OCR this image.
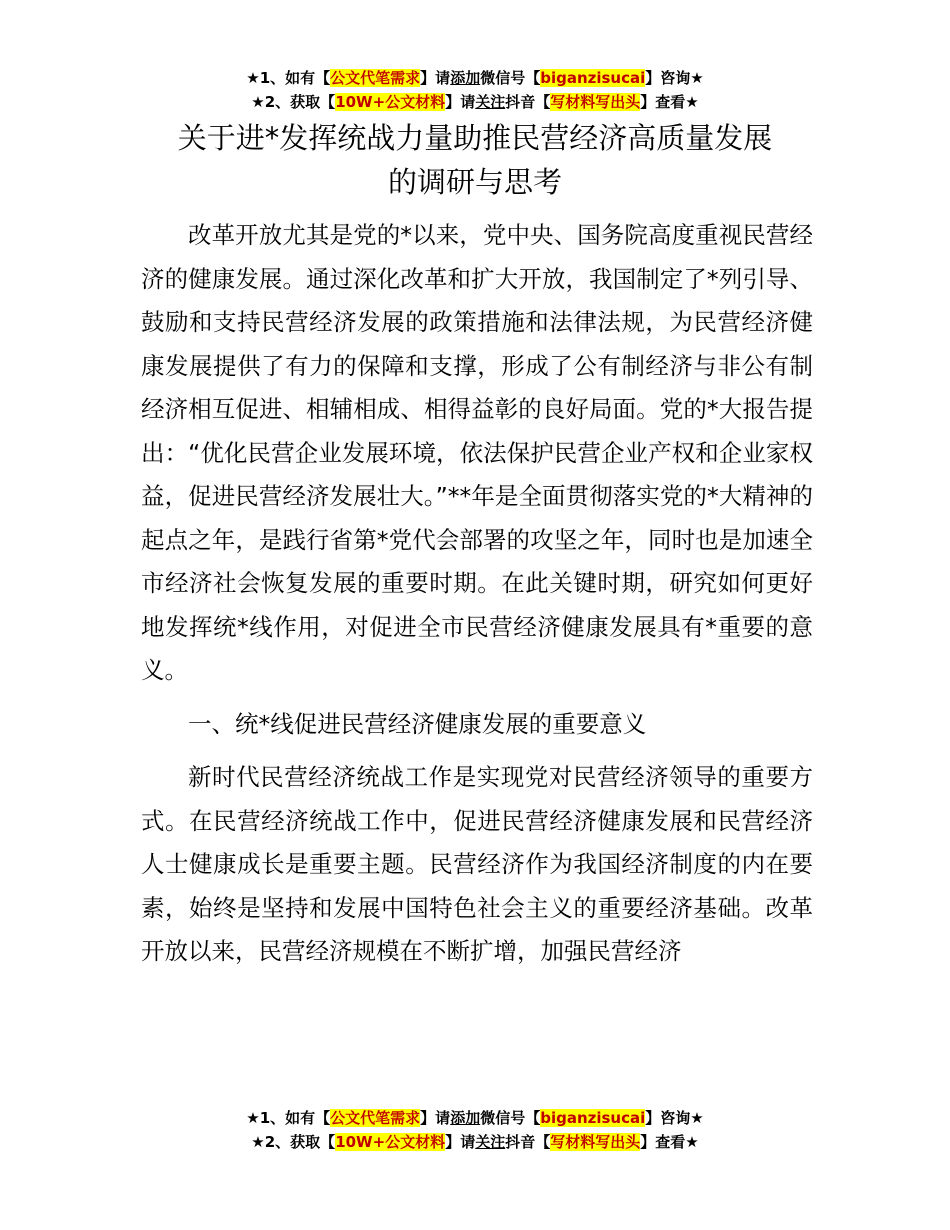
★1、如有【公文代笔需求】请添加微信号【biganzisucai】咨询★
★2、获取【10W+公文材料】请关注抖音【写材料写出头】查看★
关于进*发挥统战力量助推民营经济高质量发展
的调研与思考

改革开放尤其是党的*以来，党中央、国务院高度重视民营经济的健康发展。通过深化改革和扩大开放，我国制定了*列引导、鼓励和支持民营经济发展的政策措施和法律法规，为民营经济健康发展提供了有力的保障和支撑，形成了公有制经济与非公有制经济相互促进、相辅相成、相得益彰的良好局面。党的*大报告提出：“优化民营企业发展环境，依法保护民营企业产权和企业家权益，促进民营经济发展壮大。”**年是全面贯彻落实党的*大精神的起点之年，是践行省第*党代会部署的攻坚之年，同时也是加速全市经济社会恢复发展的重要时期。在此关键时期，研究如何更好地发挥统*线作用，对促进全市民营经济健康发展具有*重要的意义。

一、统*线促进民营经济健康发展的重要意义

新时代民营经济统战工作是实现党对民营经济领导的重要方式。在民营经济统战工作中，促进民营经济健康发展和民营经济人士健康成长是重要主题。民营经济作为我国经济制度的内在要素，始终是坚持和发展中国特色社会主义的重要经济基础。改革开放以来，民营经济规模在不断扩增，加强民营经济

★1、如有【公文代笔需求】请添加微信号【biganzisucai】咨询★
★2、获取【10W+公文材料】请关注抖音【写材料写出头】查看★
